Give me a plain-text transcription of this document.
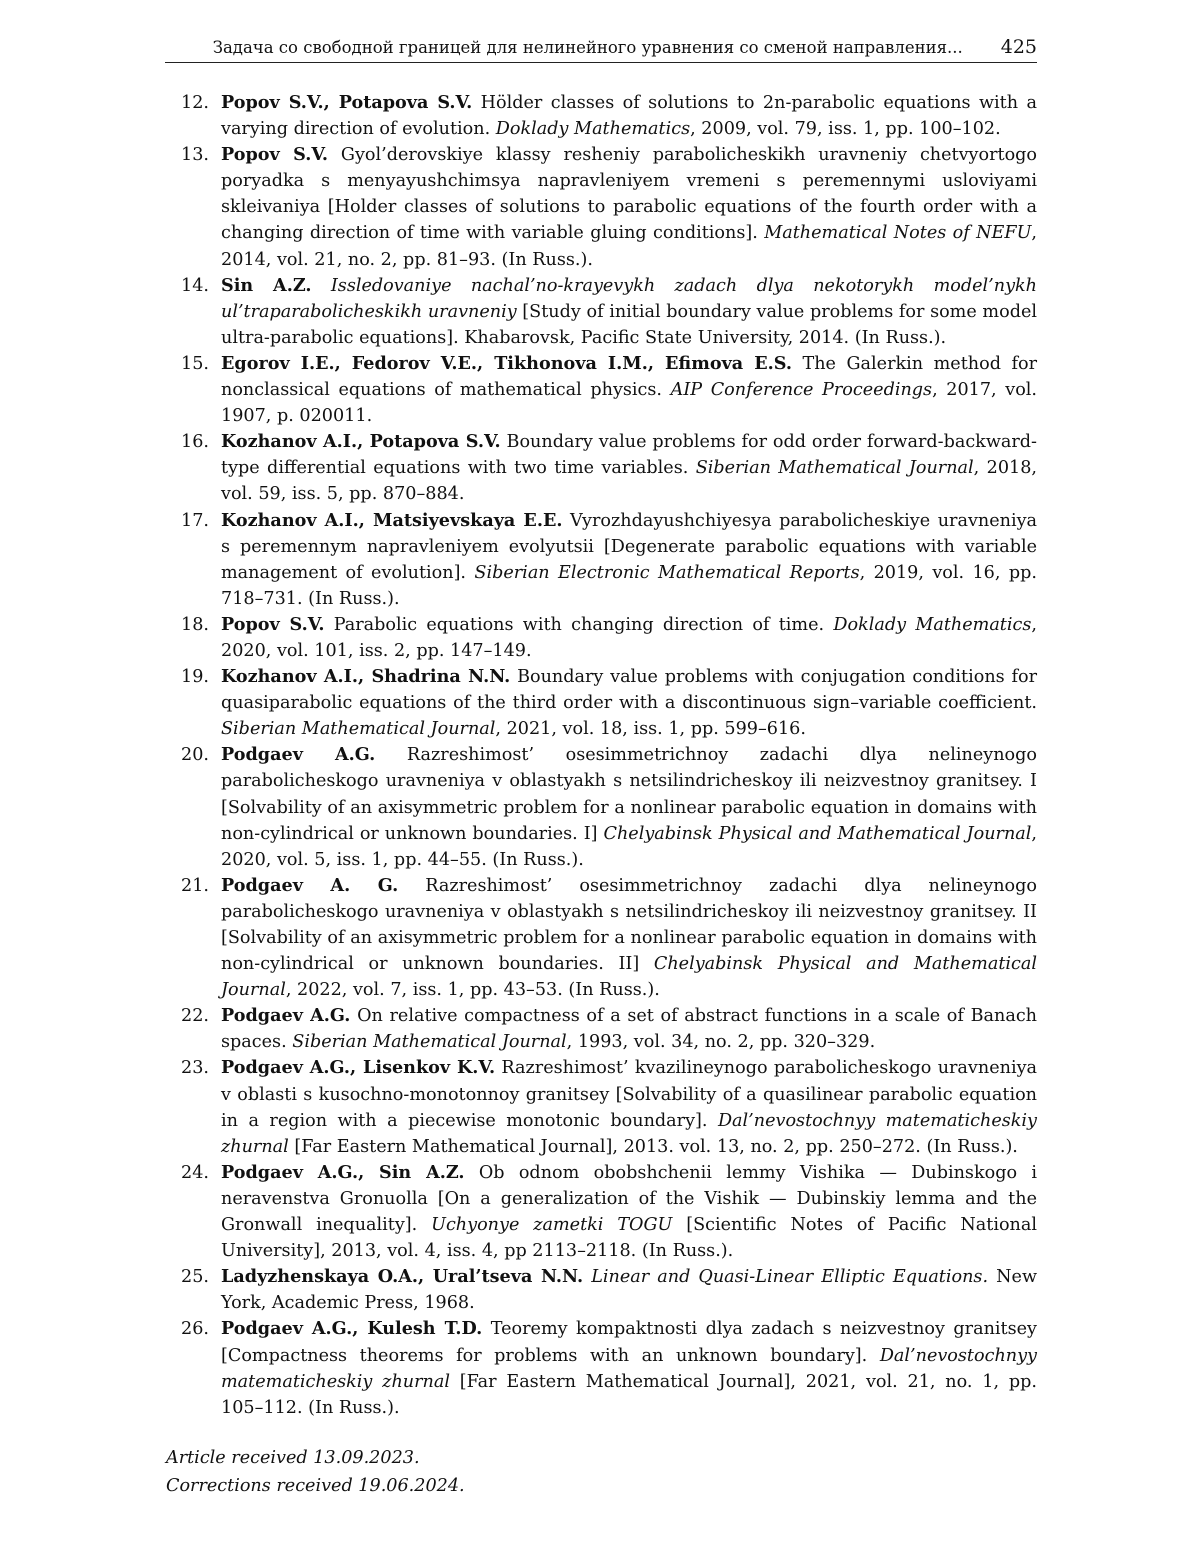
Задача со свободной границей для нелинейного уравнения со сменой направления... 425
12. Popov S.V., Potapova S.V. Hölder classes of solutions to 2n-parabolic equations with a varying direction of evolution. Doklady Mathematics, 2009, vol. 79, iss. 1, pp. 100–102.
13. Popov S.V. Gyol’derovskiye klassy resheniy parabolicheskikh uravneniy chetvyortogo poryadka s menyayushchimsya napravleniyem vremeni s peremennymi usloviyami skleivaniya [Holder classes of solutions to parabolic equations of the fourth order with a changing direction of time with variable gluing conditions]. Mathematical Notes of NEFU, 2014, vol. 21, no. 2, pp. 81–93. (In Russ.).
14. Sin A.Z. Issledovaniye nachal’no-krayevykh zadach dlya nekotorykh model’nykh ul’traparabolicheskikh uravneniy [Study of initial boundary value problems for some model ultra-parabolic equations]. Khabarovsk, Pacific State University, 2014. (In Russ.).
15. Egorov I.E., Fedorov V.E., Tikhonova I.M., Efimova E.S. The Galerkin method for nonclassical equations of mathematical physics. AIP Conference Proceedings, 2017, vol. 1907, p. 020011.
16. Kozhanov A.I., Potapova S.V. Boundary value problems for odd order forward-backward-type differential equations with two time variables. Siberian Mathematical Journal, 2018, vol. 59, iss. 5, pp. 870–884.
17. Kozhanov A.I., Matsiyevskaya E.E. Vyrozhdayushchiyesya parabolicheskiye uravneniya s peremennym napravleniyem evolyutsii [Degenerate parabolic equations with variable management of evolution]. Siberian Electronic Mathematical Reports, 2019, vol. 16, pp. 718–731. (In Russ.).
18. Popov S.V. Parabolic equations with changing direction of time. Doklady Mathematics, 2020, vol. 101, iss. 2, pp. 147–149.
19. Kozhanov A.I., Shadrina N.N. Boundary value problems with conjugation conditions for quasiparabolic equations of the third order with a discontinuous sign–variable coefficient. Siberian Mathematical Journal, 2021, vol. 18, iss. 1, pp. 599–616.
20. Podgaev A.G. Razreshimost’ osesimmetrichnoy zadachi dlya nelineynogo parabolicheskogo uravneniya v oblastyakh s netsilindricheskoy ili neizvestnoy granitsey. I [Solvability of an axisymmetric problem for a nonlinear parabolic equation in domains with non-cylindrical or unknown boundaries. I] Chelyabinsk Physical and Mathematical Journal, 2020, vol. 5, iss. 1, pp. 44–55. (In Russ.).
21. Podgaev A. G. Razreshimost’ osesimmetrichnoy zadachi dlya nelineynogo parabolicheskogo uravneniya v oblastyakh s netsilindricheskoy ili neizvestnoy granitsey. II [Solvability of an axisymmetric problem for a nonlinear parabolic equation in domains with non-cylindrical or unknown boundaries. II] Chelyabinsk Physical and Mathematical Journal, 2022, vol. 7, iss. 1, pp. 43–53. (In Russ.).
22. Podgaev A.G. On relative compactness of a set of abstract functions in a scale of Banach spaces. Siberian Mathematical Journal, 1993, vol. 34, no. 2, pp. 320–329.
23. Podgaev A.G., Lisenkov K.V. Razreshimost’ kvazilineynogo parabolicheskogo uravneniya v oblasti s kusochno-monotonnoy granitsey [Solvability of a quasilinear parabolic equation in a region with a piecewise monotonic boundary]. Dal’nevostochnyy matematicheskiy zhurnal [Far Eastern Mathematical Journal], 2013. vol. 13, no. 2, pp. 250–272. (In Russ.).
24. Podgaev A.G., Sin A.Z. Ob odnom obobshchenii lemmy Vishika — Dubinskogo i neravenstva Gronuolla [On a generalization of the Vishik — Dubinskiy lemma and the Gronwall inequality]. Uchyonye zametki TOGU [Scientific Notes of Pacific National University], 2013, vol. 4, iss. 4, pp 2113–2118. (In Russ.).
25. Ladyzhenskaya O.A., Ural’tseva N.N. Linear and Quasi-Linear Elliptic Equations. New York, Academic Press, 1968.
26. Podgaev A.G., Kulesh T.D. Teoremy kompaktnosti dlya zadach s neizvestnoy granitsey [Compactness theorems for problems with an unknown boundary]. Dal’nevostochnyy matematicheskiy zhurnal [Far Eastern Mathematical Journal], 2021, vol. 21, no. 1, pp. 105–112. (In Russ.).
Article received 13.09.2023.
Corrections received 19.06.2024.
